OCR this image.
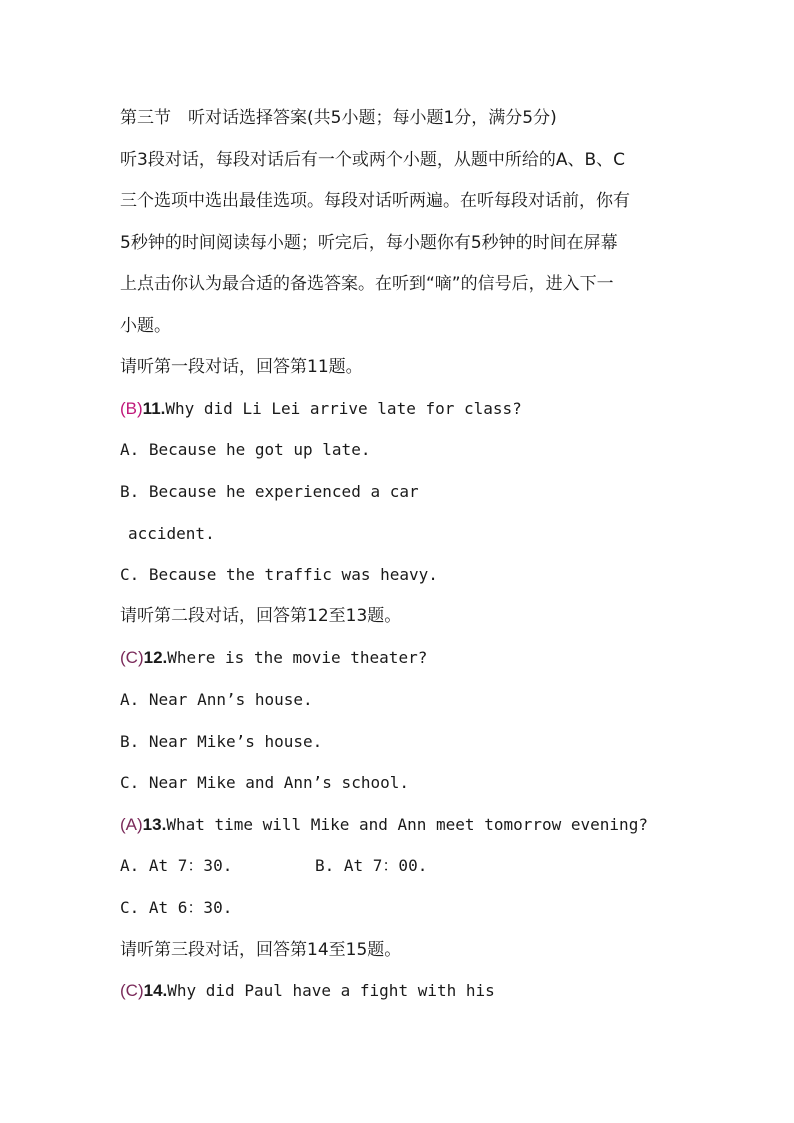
第三节　听对话选择答案(共5小题；每小题1分，满分5分)
听3段对话，每段对话后有一个或两个小题，从题中所给的A、B、C
三个选项中选出最佳选项。每段对话听两遍。在听每段对话前，你有
5秒钟的时间阅读每小题；听完后，每小题你有5秒钟的时间在屏幕
上点击你认为最合适的备选答案。在听到“嘀”的信号后，进入下一
小题。
请听第一段对话，回答第11题。
(B)11.Why did Li Lei arrive late for class?
A. Because he got up late.
B. Because he experienced a car
accident.
C. Because the traffic was heavy.
请听第二段对话，回答第12至13题。
(C)12.Where is the movie theater?
A. Near Ann’s house.
B. Near Mike’s house.
C. Near Mike and Ann’s school.
(A)13.What time will Mike and Ann meet tomorrow evening?
A. At 7：30.	B. At 7：00.
C. At 6：30.
请听第三段对话，回答第14至15题。
(C)14.Why did Paul have a fight with his
